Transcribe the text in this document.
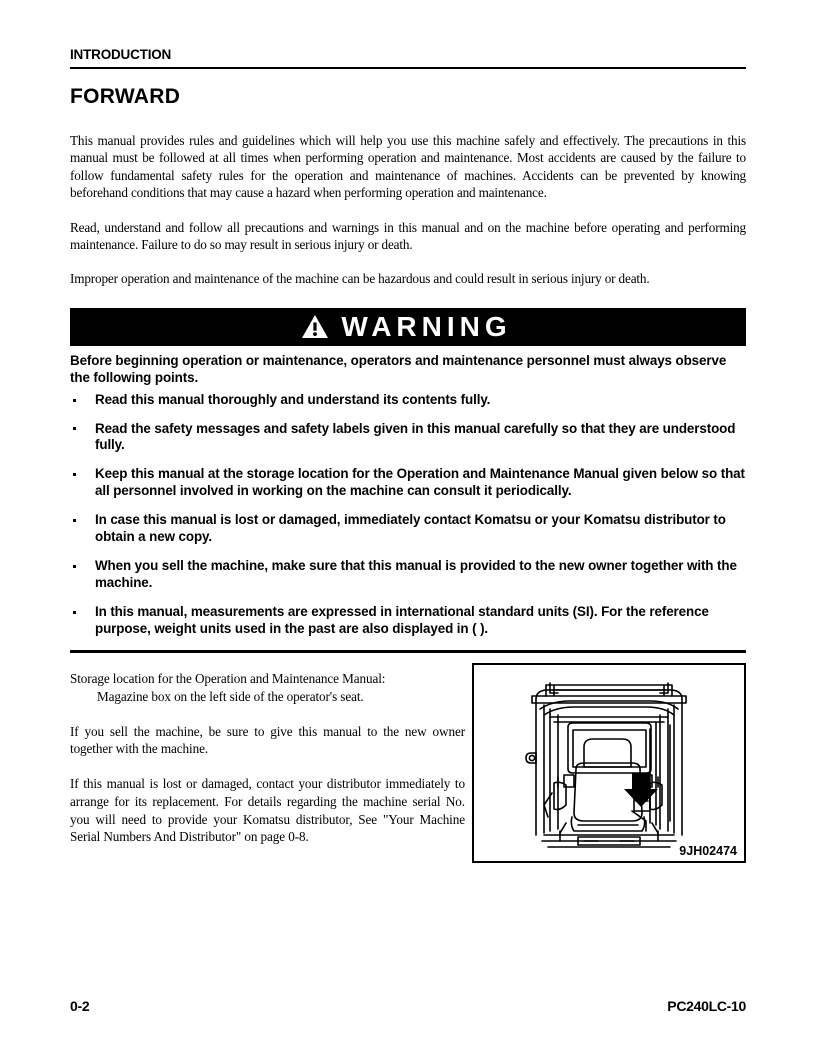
INTRODUCTION
FORWARD

This manual provides rules and guidelines which will help you use this machine safely and effectively. The precautions in this manual must be followed at all times when performing operation and maintenance. Most accidents are caused by the failure to follow fundamental safety rules for the operation and maintenance of machines. Accidents can be prevented by knowing beforehand conditions that may cause a hazard when performing operation and maintenance.

Read, understand and follow all precautions and warnings in this manual and on the machine before operating and performing maintenance. Failure to do so may result in serious injury or death.

Improper operation and maintenance of the machine can be hazardous and could result in serious injury or death.

WARNING
Before beginning operation or maintenance, operators and maintenance personnel must always observe the following points.
Read this manual thoroughly and understand its contents fully.
Read the safety messages and safety labels given in this manual carefully so that they are understood fully.
Keep this manual at the storage location for the Operation and Maintenance Manual given below so that all personnel involved in working on the machine can consult it periodically.
In case this manual is lost or damaged, immediately contact Komatsu or your Komatsu distributor to obtain a new copy.
When you sell the machine, make sure that this manual is provided to the new owner together with the machine.
In this manual, measurements are expressed in international standard units (SI). For the reference purpose, weight units used in the past are also displayed in ( ).

Storage location for the Operation and Maintenance Manual:
Magazine box on the left side of the operator's seat.

If you sell the machine, be sure to give this manual to the new owner together with the machine.

If this manual is lost or damaged, contact your distributor immediately to arrange for its replacement. For details regarding the machine serial No. you will need to provide your Komatsu distributor, See "Your Machine Serial Numbers And Distributor" on page 0-8.

9JH02474
0-2	PC240LC-10
